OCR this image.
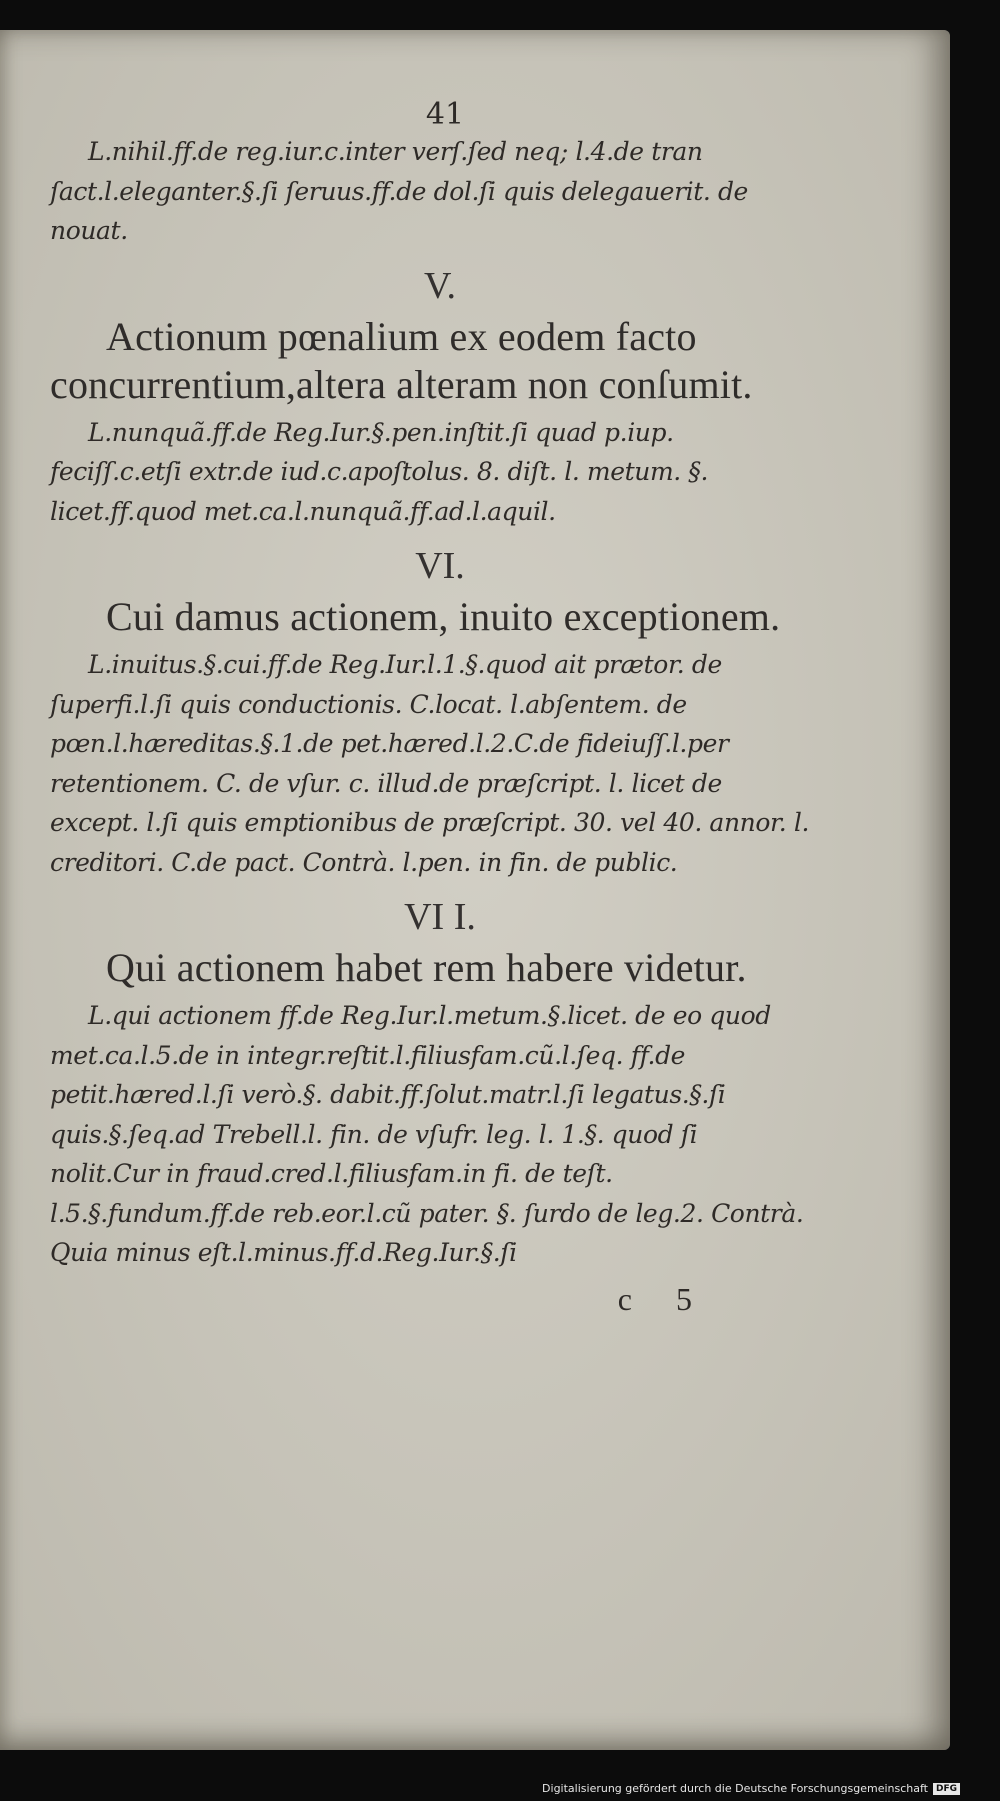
41

L.nihil.ff.de reg.iur.c.inter verſ.ſed neq; l.4.de tran ſact.l.eleganter.§.ſi ſeruus.ff.de dol.ſi quis delegauerit. de nouat.

V.

Actionum pœnalium ex eodem facto concurrentium,altera alteram non conſumit.

L.nunquã.ff.de Reg.Iur.§.pen.inſtit.ſi quad p.iup. feciſſ.c.etſi extr.de iud.c.apoſtolus. 8. diſt. l. metum. §. licet.ff.quod met.ca.l.nunquã.ff.ad.l.aquil.

VI.

Cui damus actionem, inuito exceptionem.

L.inuitus.§.cui.ff.de Reg.Iur.l.1.§.quod ait prætor. de ſuperfi.l.ſi quis conductionis. C.locat. l.abſentem. de pœn.l.hæreditas.§.1.de pet.hæred.l.2.C.de fideiuſſ.l.per retentionem. C. de vſur. c. illud.de præſcript. l. licet de except. l.ſi quis emptionibus de præſcript. 30. vel 40. annor. l. creditori. C.de pact. Contrà. l.pen. in fin. de public.

VI I.

Qui actionem habet rem habere videtur.

L.qui actionem ff.de Reg.Iur.l.metum.§.licet. de eo quod met.ca.l.5.de in integr.reſtit.l.filiusfam.cũ.l.ſeq. ff.de petit.hæred.l.ſi verò.§. dabit.ff.ſolut.matr.l.ſi legatus.§.ſi quis.§.ſeq.ad Trebell.l. fin. de vſufr. leg. l. 1.§. quod ſi nolit.Cur in fraud.cred.l.filiusfam.in fi. de teſt. l.5.§.fundum.ff.de reb.eor.l.cũ pater. §. ſurdo de leg.2. Contrà. Quia minus eſt.l.minus.ff.d.Reg.Iur.§.ſi

c 5
Digitalisierung gefördert durch die Deutsche Forschungsgemeinschaft DFG
